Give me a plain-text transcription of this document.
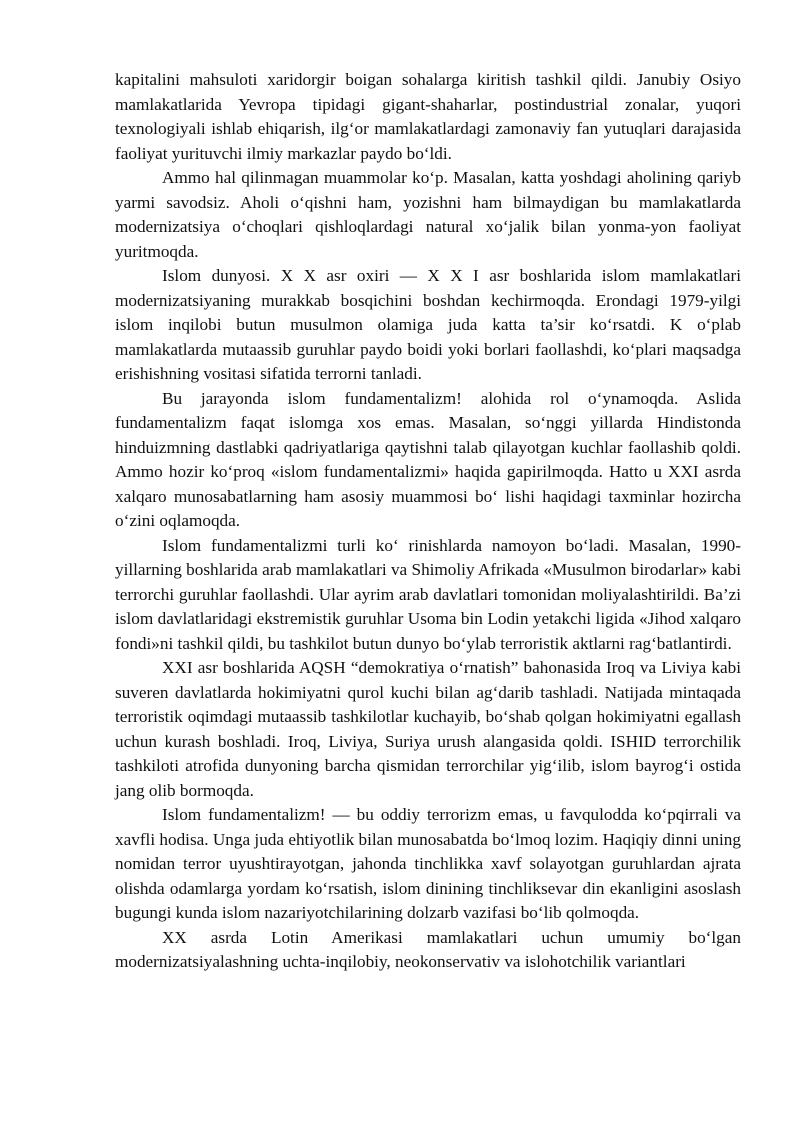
kapitalini mahsuloti xaridorgir boigan sohalarga kiritish tashkil qildi. Janubiy Osiyo mamlakatlarida Yevropa tipidagi gigant-shaharlar, postindustrial zonalar, yuqori texnologiyali ishlab ehiqarish, ilg‘or mamlakatlardagi zamonaviy fan yutuqlari darajasida faoliyat yurituvchi ilmiy markazlar paydo bo‘ldi.

Ammo hal qilinmagan muammolar ko‘p. Masalan, katta yoshdagi aholining qariyb yarmi savodsiz. Aholi o‘qishni ham, yozishni ham bilmaydigan bu mamlakatlarda modernizatsiya o‘choqlari qishloqlardagi natural xo‘jalik bilan yonma-yon faoliyat yuritmoqda.

Islom dunyosi. X X asr oxiri — X X I asr boshlarida islom mamlakatlari modernizatsiyaning murakkab bosqichini boshdan kechirmoqda. Erondagi 1979-yilgi islom inqilobi butun musulmon olamiga juda katta ta’sir ko‘rsatdi. K o‘plab mamlakatlarda mutaassib guruhlar paydo boidi yoki borlari faollashdi, ko‘plari maqsadga erishishning vositasi sifatida terrorni tanladi.

Bu jarayonda islom fundamentalizm! alohida rol o‘ynamoqda. Aslida fundamentalizm faqat islomga xos emas. Masalan, so‘nggi yillarda Hindistonda hinduizmning dastlabki qadriyatlariga qaytishni talab qilayotgan kuchlar faollashib qoldi. Ammo hozir ko‘proq «islom fundamentalizmi» haqida gapirilmoqda. Hatto u XXI asrda xalqaro munosabatlarning ham asosiy muammosi bo‘ lishi haqidagi taxminlar hozircha o‘zini oqlamoqda.

Islom fundamentalizmi turli ko‘ rinishlarda namoyon bo‘ladi. Masalan, 1990-yillarning boshlarida arab mamlakatlari va Shimoliy Afrikada «Musulmon birodarlar» kabi terrorchi guruhlar faollashdi. Ular ayrim arab davlatlari tomonidan moliyalashtirildi. Ba’zi islom davlatlaridagi ekstremistik guruhlar Usoma bin Lodin yetakchi ligida «Jihod xalqaro fondi»ni tashkil qildi, bu tashkilot butun dunyo bo‘ylab terroristik aktlarni rag‘batlantirdi.

XXI asr boshlarida AQSH “demokratiya o‘rnatish” bahonasida Iroq va Liviya kabi suveren davlatlarda hokimiyatni qurol kuchi bilan ag‘darib tashladi. Natijada mintaqada terroristik oqimdagi mutaassib tashkilotlar kuchayib, bo‘shab qolgan hokimiyatni egallash uchun kurash boshladi. Iroq, Liviya, Suriya urush alangasida qoldi. ISHID terrorchilik tashkiloti atrofida dunyoning barcha qismidan terrorchilar yig‘ilib, islom bayrog‘i ostida jang olib bormoqda.

Islom fundamentalizm! — bu oddiy terrorizm emas, u favqulodda ko‘pqirrali va xavfli hodisa. Unga juda ehtiyotlik bilan munosabatda bo‘lmoq lozim. Haqiqiy dinni uning nomidan terror uyushtirayotgan, jahonda tinchlikka xavf solayotgan guruhlardan ajrata olishda odamlarga yordam ko‘rsatish, islom dinining tinchliksevar din ekanligini asoslash bugungi kunda islom nazariyotchilarining dolzarb vazifasi bo‘lib qolmoqda.

XX asrda Lotin Amerikasi mamlakatlari uchun umumiy bo‘lgan modernizatsiyalashning uchta-inqilobiy, neokonservativ va islohotchilik variantlari
